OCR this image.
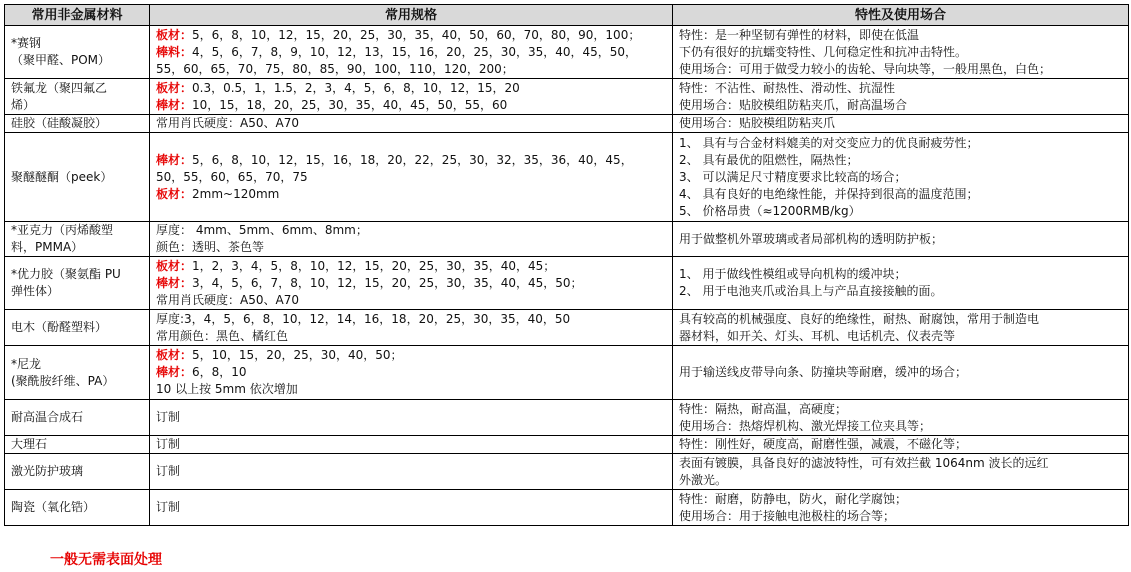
常用非金属材料	常用规格	特性及使用场合

*赛钢
（聚甲醛、POM）	板材：5，6，8，10，12，15，20，25，30，35，40，50，60，70，80，90，100；
棒料：4，5，6，7，8，9，10，12，13，15，16，20，25，30，35，40，45，50，
55，60，65，70，75，80，85，90，100，110，120，200；	特性：是一种坚韧有弹性的材料，即使在低温
下仍有很好的抗蠕变特性、几何稳定性和抗冲击特性。
使用场合：可用于做受力较小的齿轮、导向块等，一般用黑色，白色；

铁氟龙（聚四氟乙
烯）	板材：0.3，0.5，1，1.5，2，3，4，5，6，8，10，12，15，20
棒材：10，15，18，20，25，30，35，40，45，50，55，60	特性：不沾性、耐热性、滑动性、抗湿性
使用场合：贴胶模组防粘夹爪，耐高温场合

硅胶（硅酸凝胶）	常用肖氏硬度：A50、A70	使用场合：贴胶模组防粘夹爪

聚醚醚酮（peek）	棒材：5，6，8，10，12，15，16，18，20，22，25，30，32，35，36，40，45，
50，55，60，65，70，75
板材：2mm~120mm	1、 具有与合金材料媲美的对交变应力的优良耐疲劳性；
2、 具有最优的阻燃性，隔热性；
3、 可以满足尺寸精度要求比较高的场合；
4、 具有良好的电绝缘性能，并保持到很高的温度范围；
5、 价格昂贵（≈1200RMB/kg）

*亚克力（丙烯酸塑
料，PMMA）	厚度： 4mm、5mm、6mm、8mm；
颜色：透明、茶色等	用于做整机外罩玻璃或者局部机构的透明防护板；

*优力胶（聚氨酯 PU
弹性体）	板材：1，2，3，4，5，8，10，12，15，20，25，30，35，40，45；
棒材：3，4，5，6，7，8，10，12，15，20，25，30，35，40，45，50；
常用肖氏硬度：A50、A70	1、 用于做线性模组或导向机构的缓冲块；
2、 用于电池夹爪或治具上与产品直接接触的面。

电木（酚醛塑料）	厚度:3，4，5，6，8，10，12，14，16，18，20，25，30，35，40，50
常用颜色：黑色、橘红色	具有较高的机械强度、良好的绝缘性，耐热、耐腐蚀，常用于制造电
器材料，如开关、灯头、耳机、电话机壳、仪表壳等

*尼龙
(聚酰胺纤维、PA）	板材：5，10，15，20，25，30，40，50；
棒材：6，8，10
10 以上按 5mm 依次增加	用于输送线皮带导向条、防撞块等耐磨，缓冲的场合；

耐高温合成石	订制	特性：隔热，耐高温，高硬度；
使用场合：热熔焊机构、激光焊接工位夹具等；

大理石	订制	特性：刚性好，硬度高，耐磨性强，减震，不磁化等；

激光防护玻璃	订制	表面有镀膜，具备良好的滤波特性，可有效拦截 1064nm 波长的远红
外激光。

陶瓷（氧化锆）	订制	特性：耐磨，防静电，防火，耐化学腐蚀；
使用场合：用于接触电池极柱的场合等；
一般无需表面处理
